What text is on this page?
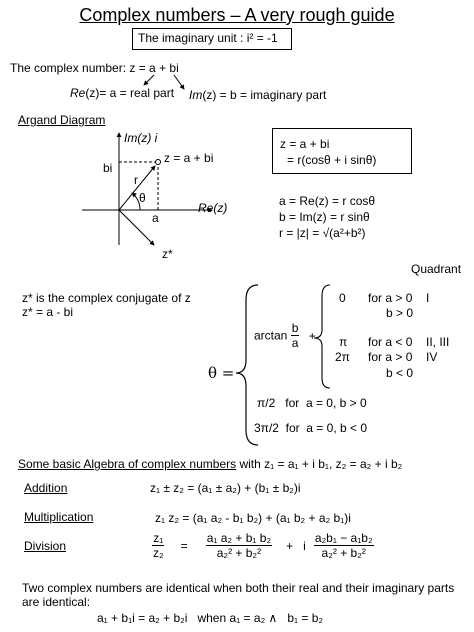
Complex numbers – A very rough guide
The imaginary unit : i² = -1
The complex number: z = a + bi
Re(z)= a = real part Im(z) = b = imaginary part
Argand Diagram
Im(z) i
z = a + bi
bi
r
θ
Re(z)
a
z*
z = a + bi
= r(cosθ + i sinθ)
a = Re(z) = r cosθ
b = Im(z) = r sinθ
r = |z| = √(a²+b²)
Quadrant
z* is the complex conjugate of z
z* = a - bi
θ =
$\arctan \frac{b}{a}$ +
0 for a > 0 I
b > 0
π for a < 0 II, III
2π for a > 0 IV
b < 0
π/2   for  a = 0, b > 0
3π/2  for  a = 0, b < 0
Some basic Algebra of complex numbers with z₁ = a₁ + i b₁, z₂ = a₂ + i b₂
Addition	z₁ ± z₂ = (a₁ ± a₂) + (b₁ ± b₂)i
Multiplication	z₁ z₂ = (a₁ a₂ - b₁ b₂) + (a₁ b₂ + a₂ b₁)i
Division	$\frac{\text{z₁}}{\text{z₂}} = \frac{\text{a₁ a₂ + b₁ b₂}}{\text{a₂² + b₂²}} + i \frac{\text{a₂b₁ − a₁b₂}}{\text{a₂² + b₂²}}$
Two complex numbers are identical when both their real and their imaginary parts
are identical:
a₁ + b₁i = a₂ + b₂i   when a₁ = a₂ ∧   b₁ = b₂
